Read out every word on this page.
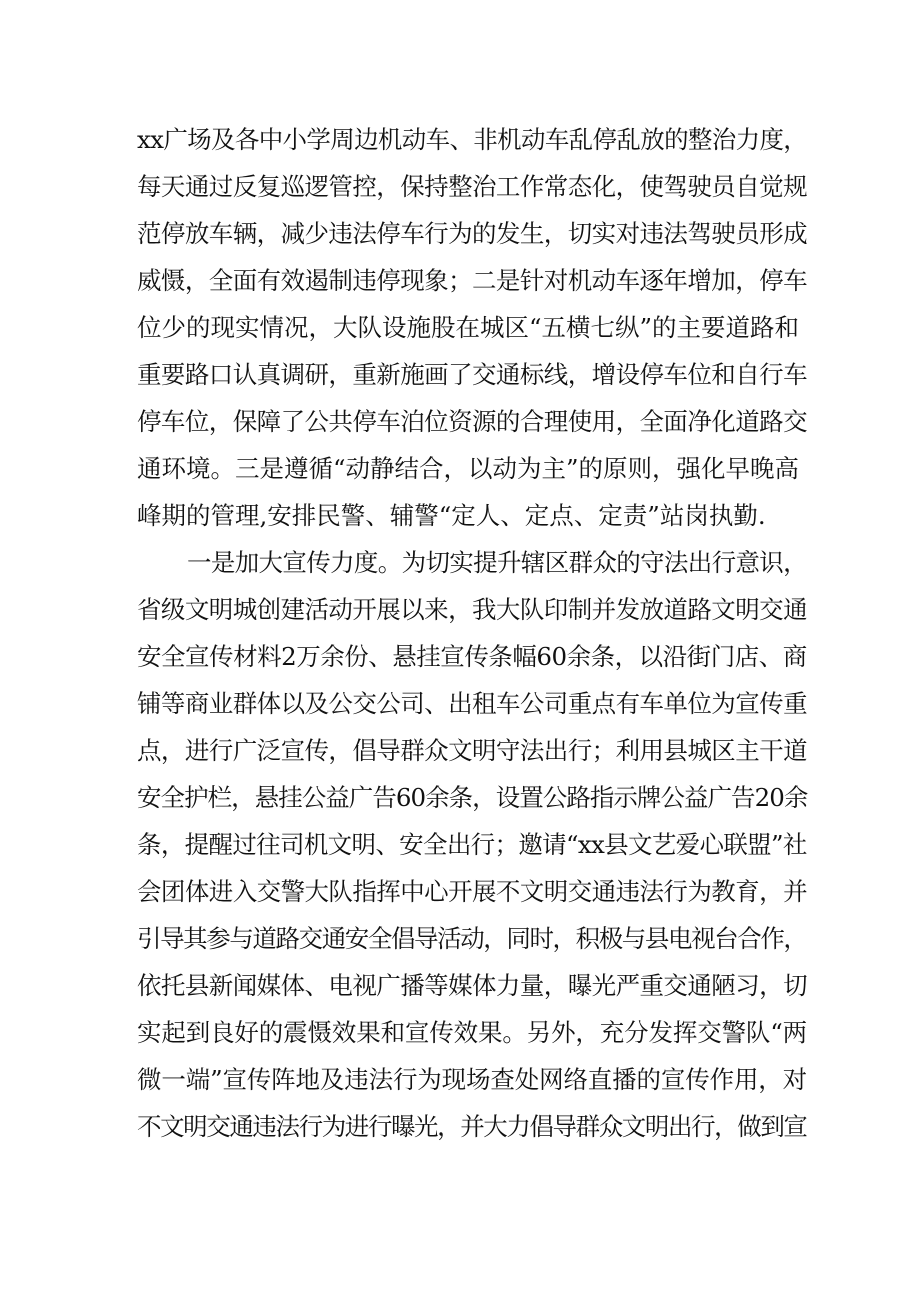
xx广场及各中小学周边机动车、非机动车乱停乱放的整治力度，
每天通过反复巡逻管控，保持整治工作常态化，使驾驶员自觉规
范停放车辆，减少违法停车行为的发生，切实对违法驾驶员形成
威慑，全面有效遏制违停现象；二是针对机动车逐年增加，停车
位少的现实情况，大队设施股在城区“五横七纵”的主要道路和
重要路口认真调研，重新施画了交通标线，增设停车位和自行车
停车位，保障了公共停车泊位资源的合理使用，全面净化道路交
通环境。三是遵循“动静结合，以动为主”的原则，强化早晚高
峰期的管理,安排民警、辅警“定人、定点、定责”站岗执勤.
一是加大宣传力度。为切实提升辖区群众的守法出行意识，
省级文明城创建活动开展以来，我大队印制并发放道路文明交通
安全宣传材料2万余份、悬挂宣传条幅60余条，以沿街门店、商
铺等商业群体以及公交公司、出租车公司重点有车单位为宣传重
点，进行广泛宣传，倡导群众文明守法出行；利用县城区主干道
安全护栏，悬挂公益广告60余条，设置公路指示牌公益广告20余
条，提醒过往司机文明、安全出行；邀请“xx县文艺爱心联盟”社
会团体进入交警大队指挥中心开展不文明交通违法行为教育，并
引导其参与道路交通安全倡导活动，同时，积极与县电视台合作，
依托县新闻媒体、电视广播等媒体力量，曝光严重交通陋习，切
实起到良好的震慑效果和宣传效果。另外，充分发挥交警队“两
微一端”宣传阵地及违法行为现场查处网络直播的宣传作用，对
不文明交通违法行为进行曝光，并大力倡导群众文明出行，做到宣
